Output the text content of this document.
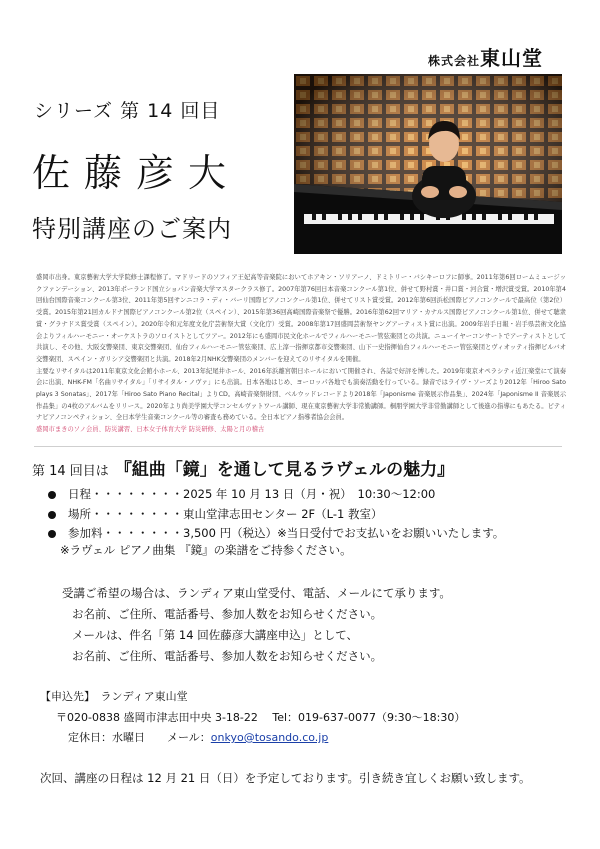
株式会社東山堂
シリーズ 第 14 回目
佐藤彦大
特別講座のご案内
盛岡市出身。東京藝術大学大学院修士課程修了。マドリードのソフィア王妃高等音楽院においてホアキン・ソリアーノ、ドミトリー・バシキーロフに師事。2011年第6回ロームミュージックファンデーション、2013年ポーランド国立ショパン音楽大学マスタークラス修了。2007年第76回日本音楽コンクール第1位、併せて野村賞・井口賞・河合賞・増沢賞受賞。2010年第4回仙台国際音楽コンクール第3位、2011年第5回サンニコラ・ディ・バーリ国際ピアノコンクール第1位、併せてリスト賞受賞。2012年第6回浜松国際ピアノコンクールで最高位（第2位）受賞。2015年第21回カルドナ国際ピアノコンクール第2位（スペイン）、2015年第36回高崎国際音楽祭で優勝。2016年第62回マリア・カナルス国際ピアノコンクール第1位、併せて聴衆賞・グラナドス賞受賞（スペイン）。2020年令和元年度文化庁芸術祭大賞（文化庁）受賞。2008年第17回盛岡芸術祭ヤングアーティスト賞に出演。2009年岩手日報・岩手県芸術文化協会よりフィルハーモニー・オーケストラのソロイストとしてツアー。2012年にも盛岡市民文化ホールでフィルハーモニー管弦楽団との共演。ニューイヤーコンサートでアーティストとして共演し、その他、大阪交響楽団、東京交響楽団、仙台フィルハーモニー管弦楽団、広上淳一指揮京都市交響楽団、山下一史指揮仙台フィルハーモニー管弦楽団とヴィオッティ指揮ビルバオ交響楽団、スペイン・ガリシア交響楽団と共演。2018年2月NHK交響楽団のメンバーを迎えてのリサイタルを開催。
主要なリサイタルは2011年東京文化会館小ホール、2013年紀尾井ホール、2016年浜離宮朝日ホールにおいて開催され、各誌で好評を博した。2019年東京オペラシティ近江楽堂にて演奏会に出演、NHK-FM「名曲リサイタル」「リサイタル・ノヴァ」にも出演。日本各地はじめ、ヨーロッパ各地でも演奏活動を行っている。録音ではライヴ・ソーズより2012年「Hiroo Sato plays 3 Sonatas」、2017年「Hiroo Sato Piano Recital」よりCD。高崎音楽祭財団、ベルウッドレコードより2018年「Japonisme 音楽展示作品集」、2024年「Japonisme II 音楽展示作品集」の4枚のアルバムをリリース。2020年より尚美学園大学コンセルヴァトワール講師、現在東京藝術大学非常勤講師。桐朋学園大学非常勤講師として後進の指導にもあたる。ピティナピアノコンペティション、全日本学生音楽コンクール等の審査も務めている。全日本ピアノ指導者協会会員。
盛岡市まきのソノ会員、防災講習、日本女子体育大学 防災研修、太陽と月の稽古
第 14 回目は 『組曲「鏡」を通して見るラヴェルの魅力』
日程・・・・・・・・2025 年 10 月 13 日（月・祝）　10:30～12:00
場所・・・・・・・・東山堂津志田センター 2F（L-1 教室）
参加料・・・・・・・3,500 円（税込）※当日受付でお支払いをお願いいたします。
※ラヴェル ピアノ曲集 『鏡』の楽譜をご持参ください。
受講ご希望の場合は、ランディア東山堂受付、電話、メールにて承ります。
お名前、ご住所、電話番号、参加人数をお知らせください。
メールは、件名「第 14 回佐藤彦大講座申込」として、
お名前、ご住所、電話番号、参加人数をお知らせください。
【申込先】　ランディア東山堂
〒020-0838 盛岡市津志田中央 3-18-22　 Tel：019-637-0077（9:30～18:30）
定休日：水曜日　　メール：onkyo@tosando.co.jp
次回、講座の日程は 12 月 21 日（日）を予定しております。引き続き宜しくお願い致します。
